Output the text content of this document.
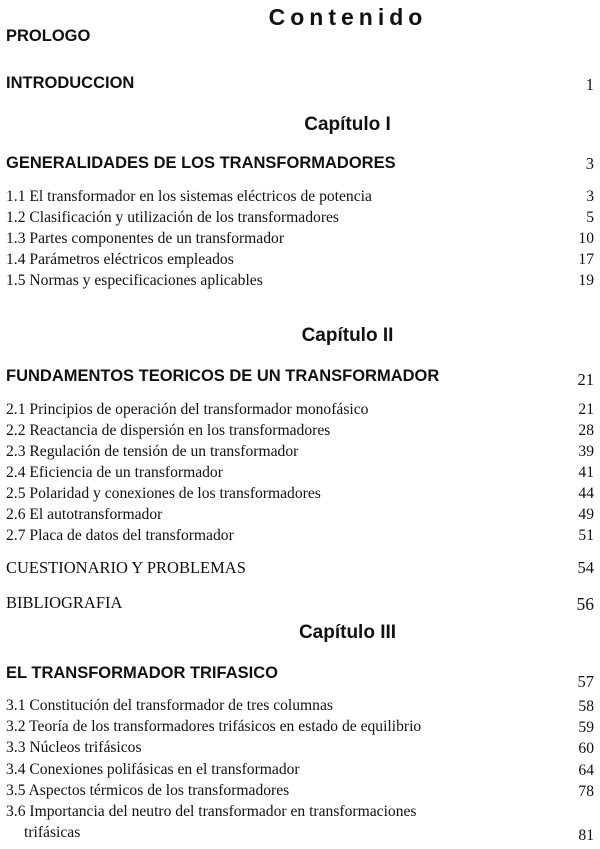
Contenido
PROLOGO
INTRODUCCION	1
Capítulo I
GENERALIDADES DE LOS TRANSFORMADORES	3
1.1 El transformador en los sistemas eléctricos de potencia	3
1.2 Clasificación y utilización de los transformadores	5
1.3 Partes componentes de un transformador	10
1.4 Parámetros eléctricos empleados	17
1.5 Normas y especificaciones aplicables	19
Capítulo II
FUNDAMENTOS TEORICOS DE UN TRANSFORMADOR	21
2.1 Principios de operación del transformador monofásico	21
2.2 Reactancia de dispersión en los transformadores	28
2.3 Regulación de tensión de un transformador	39
2.4 Eficiencia de un transformador	41
2.5 Polaridad y conexiones de los transformadores	44
2.6 El autotransformador	49
2.7 Placa de datos del transformador	51
CUESTIONARIO Y PROBLEMAS	54
BIBLIOGRAFIA	56
Capítulo III
EL TRANSFORMADOR TRIFASICO	57
3.1 Constitución del transformador de tres columnas	58
3.2 Teoría de los transformadores trifásicos en estado de equilibrio	59
3.3 Núcleos trifásicos	60
3.4 Conexiones polifásicas en el transformador	64
3.5 Aspectos térmicos de los transformadores	78
3.6 Importancia del neutro del transformador en transformaciones
trifásicas	81
